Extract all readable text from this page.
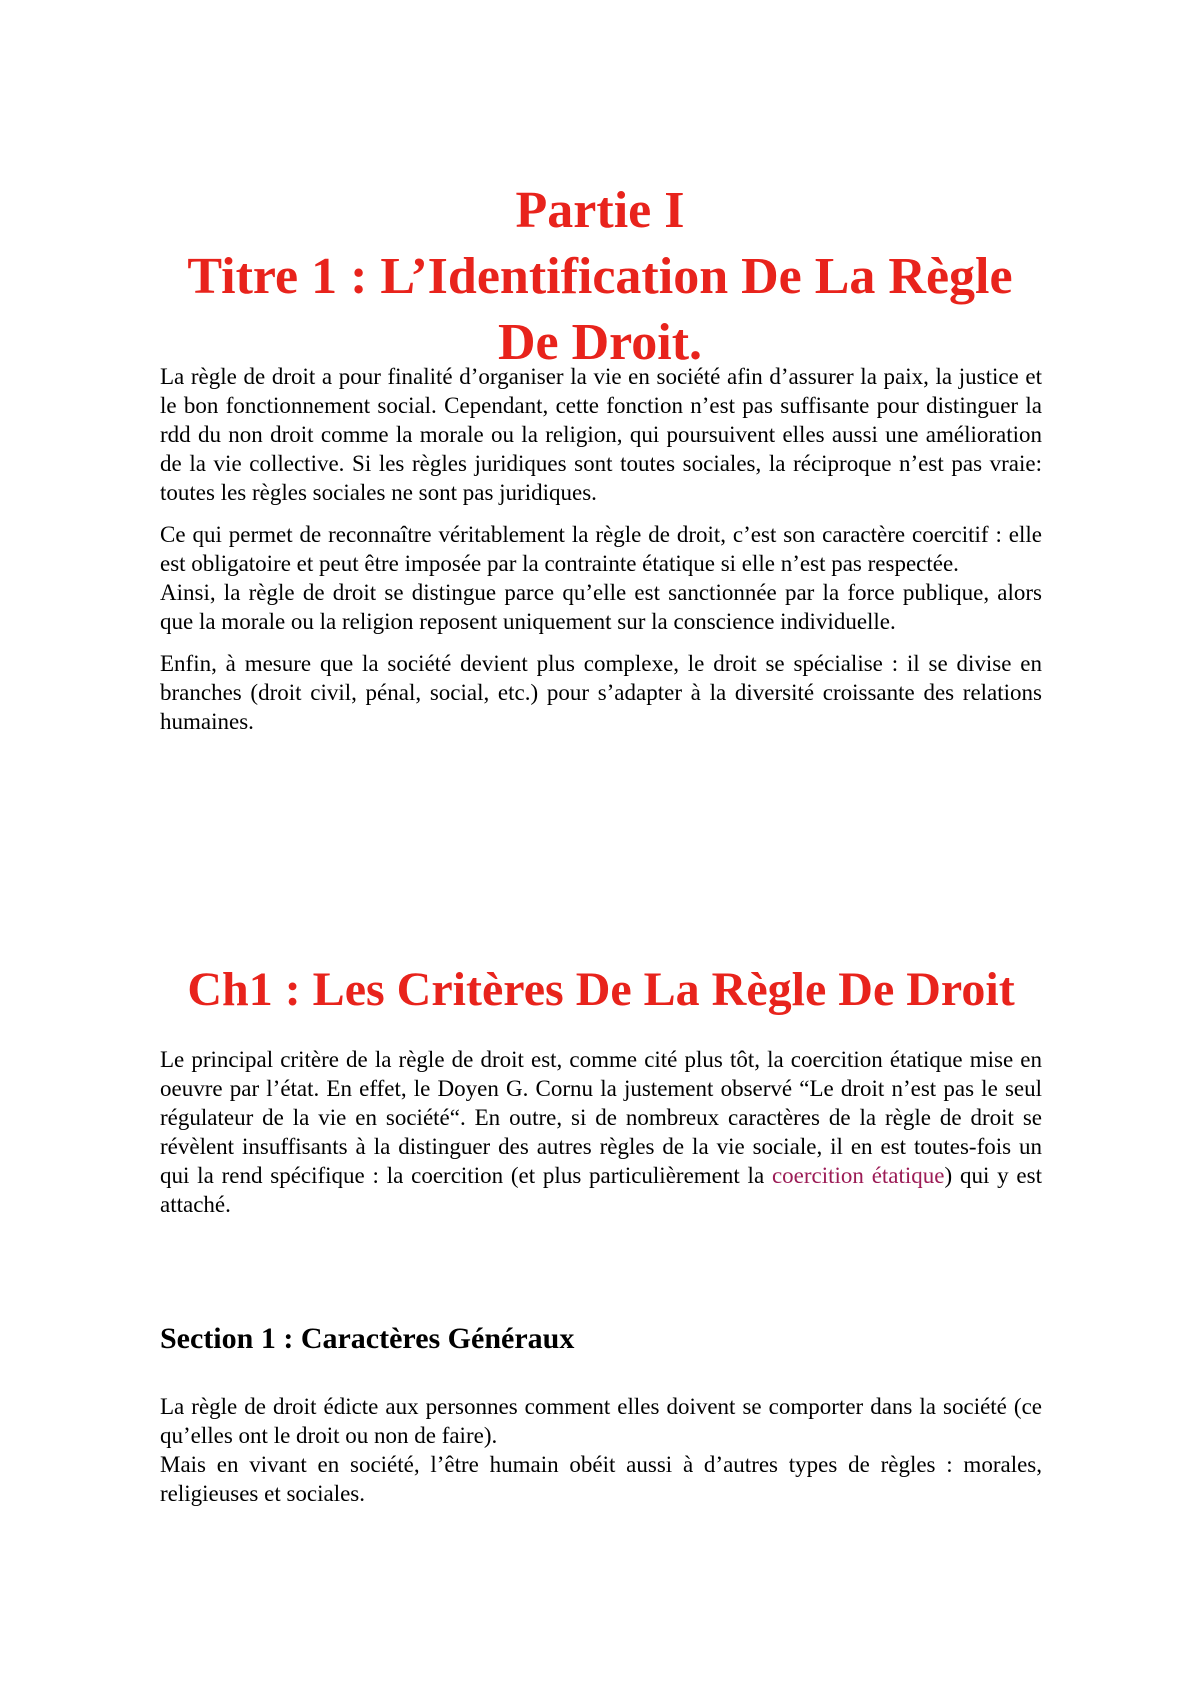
Partie I
Titre 1 : L’Identification De La Règle
De Droit.

La règle de droit a pour finalité d’organiser la vie en société afin d’assurer la paix, la justice et le bon fonctionnement social. Cependant, cette fonction n’est pas suffisante pour distinguer la rdd du non droit comme la morale ou la religion, qui poursuivent elles aussi une amélioration de la vie collective. Si les règles juridiques sont toutes sociales, la réciproque n’est pas vraie: toutes les règles sociales ne sont pas juridiques.

Ce qui permet de reconnaître véritablement la règle de droit, c’est son caractère coercitif : elle est obligatoire et peut être imposée par la contrainte étatique si elle n’est pas respectée.

Ainsi, la règle de droit se distingue parce qu’elle est sanctionnée par la force publique, alors que la morale ou la religion reposent uniquement sur la conscience individuelle.

Enfin, à mesure que la société devient plus complexe, le droit se spécialise : il se divise en branches (droit civil, pénal, social, etc.) pour s’adapter à la diversité croissante des relations humaines.

Ch1 : Les Critères De La Règle De Droit

Le principal critère de la règle de droit est, comme cité plus tôt, la coercition étatique mise en oeuvre par l’état. En effet, le Doyen G. Cornu la justement observé “Le droit n’est pas le seul régulateur de la vie en société“. En outre, si de nombreux caractères de la règle de droit se révèlent insuffisants à la distinguer des autres règles de la vie sociale, il en est toutes-fois un qui la rend spécifique : la coercition (et plus particulièrement la coercition étatique) qui y est attaché.

Section 1 : Caractères Généraux

La règle de droit édicte aux personnes comment elles doivent se comporter dans la société (ce qu’elles ont le droit ou non de faire).

Mais en vivant en société, l’être humain obéit aussi à d’autres types de règles : morales, religieuses et sociales.
